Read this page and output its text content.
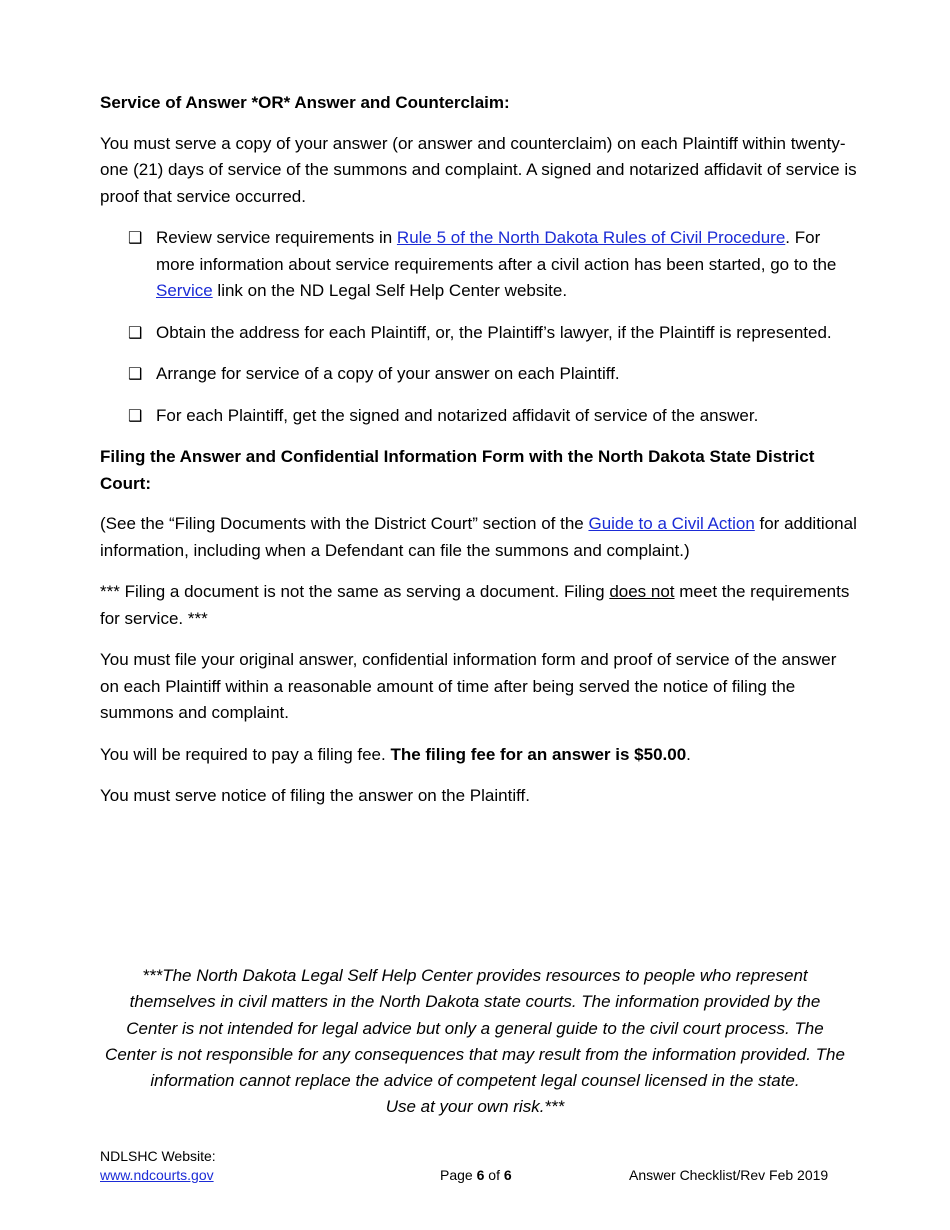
Service of Answer *OR* Answer and Counterclaim:

You must serve a copy of your answer (or answer and counterclaim) on each Plaintiff within twenty-one (21) days of service of the summons and complaint. A signed and notarized affidavit of service is proof that service occurred.

❑ Review service requirements in Rule 5 of the North Dakota Rules of Civil Procedure. For more information about service requirements after a civil action has been started, go to the Service link on the ND Legal Self Help Center website.
❑ Obtain the address for each Plaintiff, or, the Plaintiff’s lawyer, if the Plaintiff is represented.
❑ Arrange for service of a copy of your answer on each Plaintiff.
❑ For each Plaintiff, get the signed and notarized affidavit of service of the answer.

Filing the Answer and Confidential Information Form with the North Dakota State District Court:

(See the “Filing Documents with the District Court” section of the Guide to a Civil Action for additional information, including when a Defendant can file the summons and complaint.)

*** Filing a document is not the same as serving a document. Filing does not meet the requirements for service. ***

You must file your original answer, confidential information form and proof of service of the answer on each Plaintiff within a reasonable amount of time after being served the notice of filing the summons and complaint.

You will be required to pay a filing fee. The filing fee for an answer is $50.00.

You must serve notice of filing the answer on the Plaintiff.

***The North Dakota Legal Self Help Center provides resources to people who represent
themselves in civil matters in the North Dakota state courts. The information provided by the
Center is not intended for legal advice but only a general guide to the civil court process. The
Center is not responsible for any consequences that may result from the information provided. The
information cannot replace the advice of competent legal counsel licensed in the state.
Use at your own risk.***
NDLSHC Website:
www.ndcourts.gov	Page 6 of 6	Answer Checklist/Rev Feb 2019
